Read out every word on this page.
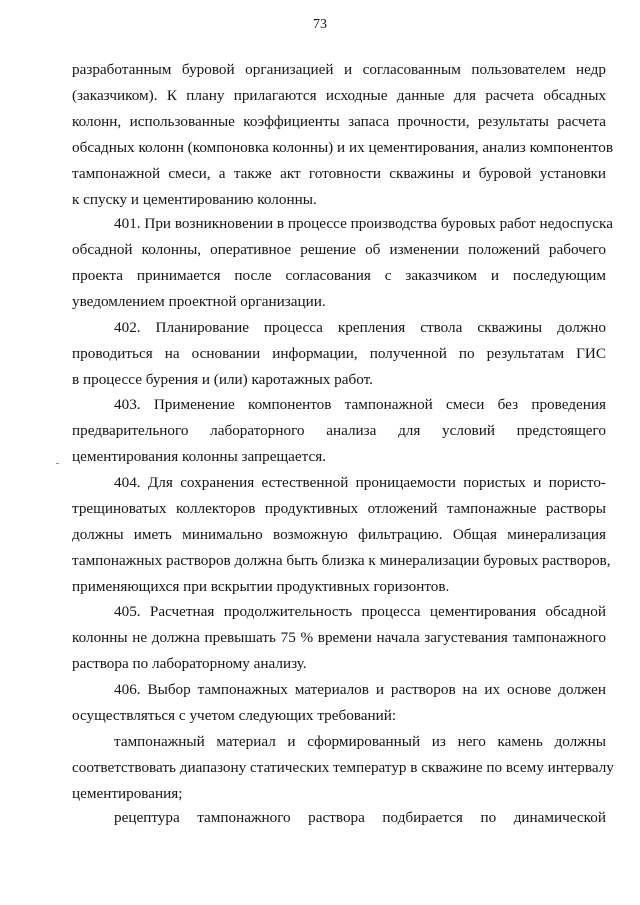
73
разработанным буровой организацией и согласованным пользователем недр
(заказчиком). К плану прилагаются исходные данные для расчета обсадных
колонн, использованные коэффициенты запаса прочности, результаты расчета
обсадных колонн (компоновка колонны) и их цементирования, анализ компонентов
тампонажной смеси, а также акт готовности скважины и буровой установки
к спуску и цементированию колонны.
401. При возникновении в процессе производства буровых работ недоспуска
обсадной колонны, оперативное решение об изменении положений рабочего
проекта принимается после согласования с заказчиком и последующим
уведомлением проектной организации.
402. Планирование процесса крепления ствола скважины должно
проводиться на основании информации, полученной по результатам ГИС
в процессе бурения и (или) каротажных работ.
403. Применение компонентов тампонажной смеси без проведения
предварительного лабораторного анализа для условий предстоящего
цементирования колонны запрещается.
404. Для сохранения естественной проницаемости пористых и пористо-
трещиноватых коллекторов продуктивных отложений тампонажные растворы
должны иметь минимально возможную фильтрацию. Общая минерализация
тампонажных растворов должна быть близка к минерализации буровых растворов,
применяющихся при вскрытии продуктивных горизонтов.
405. Расчетная продолжительность процесса цементирования обсадной
колонны не должна превышать 75 % времени начала загустевания тампонажного
раствора по лабораторному анализу.
406. Выбор тампонажных материалов и растворов на их основе должен
осуществляться с учетом следующих требований:
тампонажный материал и сформированный из него камень должны
соответствовать диапазону статических температур в скважине по всему интервалу
цементирования;
рецептура тампонажного раствора подбирается по динамической
